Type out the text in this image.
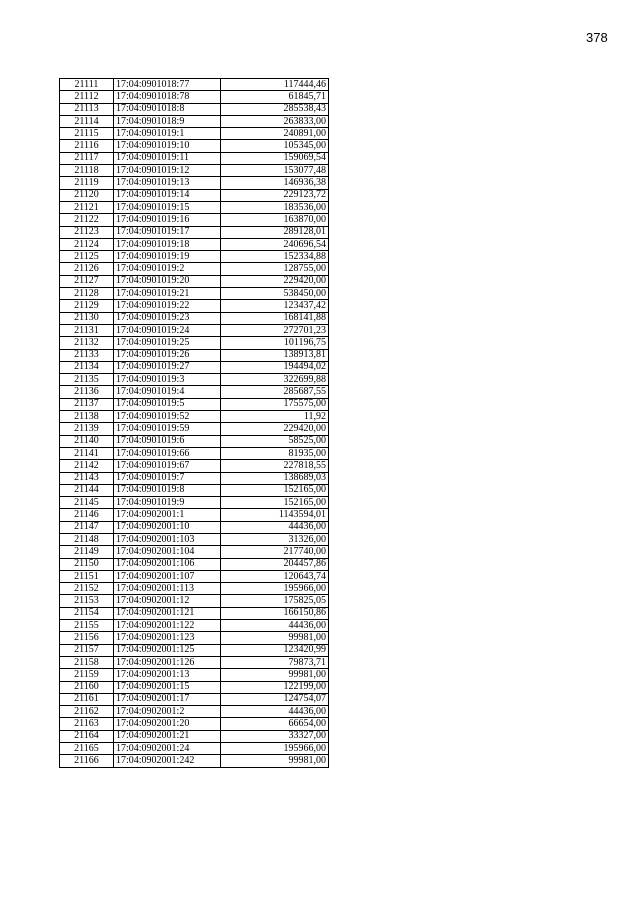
378
21111	17:04:0901018:77	117444,46
21112	17:04:0901018:78	61845,71
21113	17:04:0901018:8	285538,43
21114	17:04:0901018:9	263833,00
21115	17:04:0901019:1	240891,00
21116	17:04:0901019:10	105345,00
21117	17:04:0901019:11	159069,54
21118	17:04:0901019:12	153077,48
21119	17:04:0901019:13	146936,38
21120	17:04:0901019:14	229123,72
21121	17:04:0901019:15	183536,00
21122	17:04:0901019:16	163870,00
21123	17:04:0901019:17	289128,01
21124	17:04:0901019:18	240696,54
21125	17:04:0901019:19	152334,88
21126	17:04:0901019:2	128755,00
21127	17:04:0901019:20	229420,00
21128	17:04:0901019:21	538450,00
21129	17:04:0901019:22	123437,42
21130	17:04:0901019:23	168141,88
21131	17:04:0901019:24	272701,23
21132	17:04:0901019:25	101196,75
21133	17:04:0901019:26	138913,81
21134	17:04:0901019:27	194494,02
21135	17:04:0901019:3	322699,88
21136	17:04:0901019:4	285687,55
21137	17:04:0901019:5	175575,00
21138	17:04:0901019:52	11,92
21139	17:04:0901019:59	229420,00
21140	17:04:0901019:6	58525,00
21141	17:04:0901019:66	81935,00
21142	17:04:0901019:67	227818,55
21143	17:04:0901019:7	138689,03
21144	17:04:0901019:8	152165,00
21145	17:04:0901019:9	152165,00
21146	17:04:0902001:1	1143594,01
21147	17:04:0902001:10	44436,00
21148	17:04:0902001:103	31326,00
21149	17:04:0902001:104	217740,00
21150	17:04:0902001:106	204457,86
21151	17:04:0902001:107	120643,74
21152	17:04:0902001:113	195966,00
21153	17:04:0902001:12	175825,05
21154	17:04:0902001:121	166150,86
21155	17:04:0902001:122	44436,00
21156	17:04:0902001:123	99981,00
21157	17:04:0902001:125	123420,99
21158	17:04:0902001:126	79873,71
21159	17:04:0902001:13	99981,00
21160	17:04:0902001:15	122199,00
21161	17:04:0902001:17	124754,07
21162	17:04:0902001:2	44436,00
21163	17:04:0902001:20	66654,00
21164	17:04:0902001:21	33327,00
21165	17:04:0902001:24	195966,00
21166	17:04:0902001:242	99981,00
